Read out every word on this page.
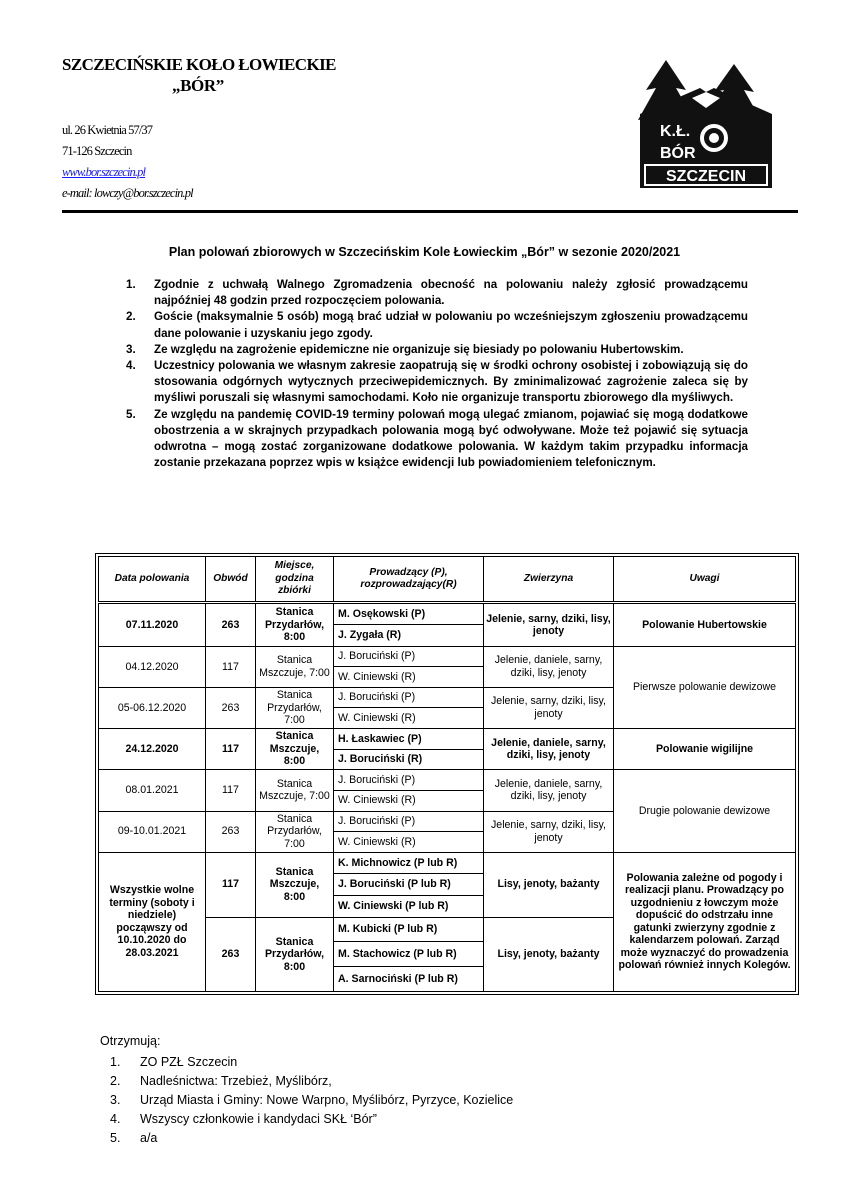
SZCZECIŃSKIE KOŁO ŁOWIECKIE
„BÓR”
ul. 26 Kwietnia 57/37
71-126 Szczecin
www.bor.szczecin.pl
e-mail: lowczy@bor.szczecin.pl
K.Ł.
BÓR
SZCZECIN
Plan polowań zbiorowych w Szczecińskim Kole Łowieckim „Bór” w sezonie 2020/2021
1. Zgodnie z uchwałą Walnego Zgromadzenia obecność na polowaniu należy zgłosić prowadzącemu najpóźniej 48 godzin przed rozpoczęciem polowania.
2. Goście (maksymalnie 5 osób) mogą brać udział w polowaniu po wcześniejszym zgłoszeniu prowadzącemu dane polowanie i uzyskaniu jego zgody.
3. Ze względu na zagrożenie epidemiczne nie organizuje się biesiady po polowaniu Hubertowskim.
4. Uczestnicy polowania we własnym zakresie zaopatrują się w środki ochrony osobistej i zobowiązują się do stosowania odgórnych wytycznych przeciwepidemicznych. By zminimalizować zagrożenie zaleca się by myśliwi poruszali się własnymi samochodami. Koło nie organizuje transportu zbiorowego dla myśliwych.
5. Ze względu na pandemię COVID-19 terminy polowań mogą ulegać zmianom, pojawiać się mogą dodatkowe obostrzenia a w skrajnych przypadkach polowania mogą być odwoływane. Może też pojawić się sytuacja odwrotna – mogą zostać zorganizowane dodatkowe polowania. W każdym takim przypadku informacja zostanie przekazana poprzez wpis w książce ewidencji lub powiadomieniem telefonicznym.
Data polowania	Obwód	Miejsce, godzina zbiórki	Prowadzący (P), rozprowadzający(R)	Zwierzyna	Uwagi
07.11.2020	263	Stanica Przydarłów, 8:00	M. Osękowski (P)	Jelenie, sarny, dziki, lisy, jenoty	Polowanie Hubertowskie
			J. Zygała (R)		
04.12.2020	117	Stanica Mszczuje, 7:00	J. Boruciński (P)	Jelenie, daniele, sarny, dziki, lisy, jenoty	Pierwsze polowanie dewizowe
			W. Ciniewski (R)		
05-06.12.2020	263	Stanica Przydarłów, 7:00	J. Boruciński (P)	Jelenie, sarny, dziki, lisy, jenoty	
			W. Ciniewski (R)		
24.12.2020	117	Stanica Mszczuje, 8:00	H. Łaskawiec (P)	Jelenie, daniele, sarny, dziki, lisy, jenoty	Polowanie wigilijne
			J. Boruciński (R)		
08.01.2021	117	Stanica Mszczuje, 7:00	J. Boruciński (P)	Jelenie, daniele, sarny, dziki, lisy, jenoty	Drugie polowanie dewizowe
			W. Ciniewski (R)		
09-10.01.2021	263	Stanica Przydarłów, 7:00	J. Boruciński (P)	Jelenie, sarny, dziki, lisy, jenoty	
			W. Ciniewski (R)		
Wszystkie wolne terminy (soboty i niedziele) począwszy od 10.10.2020 do 28.03.2021	117	Stanica Mszczuje, 8:00	K. Michnowicz (P lub R)	Lisy, jenoty, bażanty	Polowania zależne od pogody i realizacji planu. Prowadzący po uzgodnieniu z łowczym może dopuścić do odstrzału inne gatunki zwierzyny zgodnie z kalendarzem polowań. Zarząd może wyznaczyć do prowadzenia polowań również innych Kolegów.
			J. Boruciński (P lub R)		
			W. Ciniewski (P lub R)		
	263	Stanica Przydarłów, 8:00	M. Kubicki (P lub R)	Lisy, jenoty, bażanty	
			M. Stachowicz (P lub R)		
			A. Sarnociński (P lub R)		
Otrzymują:
1. ZO PZŁ Szczecin
2. Nadleśnictwa: Trzebież, Myślibórz,
3. Urząd Miasta i Gminy: Nowe Warpno, Myślibórz, Pyrzyce, Kozielice
4. Wszyscy członkowie i kandydaci SKŁ ‘Bór”
5. a/a
